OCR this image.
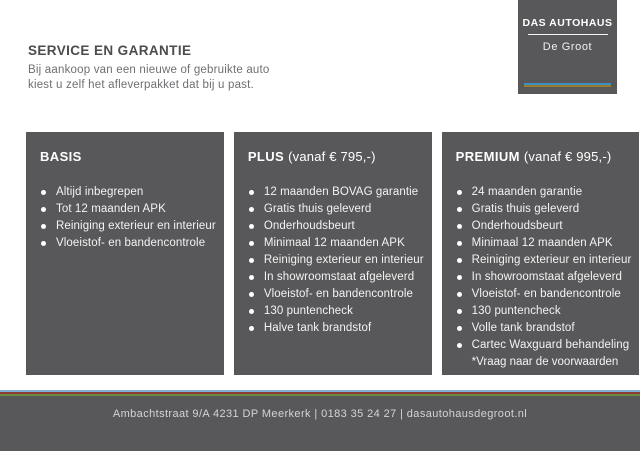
SERVICE EN GARANTIE

Bij aankoop van een nieuwe of gebruikte auto

kiest u zelf het afleverpakket dat bij u past.

DAS AUTOHAUS
De Groot
BASIS
Altijd inbegrepen
Tot 12 maanden APK
Reiniging exterieur en interieur
Vloeistof- en bandencontrole
PLUS (vanaf € 795,-)
12 maanden BOVAG garantie
Gratis thuis geleverd
Onderhoudsbeurt
Minimaal 12 maanden APK
Reiniging exterieur en interieur
In showroomstaat afgeleverd
Vloeistof- en bandencontrole
130 puntencheck
Halve tank brandstof
PREMIUM (vanaf € 995,-)
24 maanden garantie
Gratis thuis geleverd
Onderhoudsbeurt
Minimaal 12 maanden APK
Reiniging exterieur en interieur
In showroomstaat afgeleverd
Vloeistof- en bandencontrole
130 puntencheck
Volle tank brandstof
Cartec Waxguard behandeling
*Vraag naar de voorwaarden
Ambachtstraat 9/A 4231 DP Meerkerk | 0183 35 24 27 | dasautohausdegroot.nl
